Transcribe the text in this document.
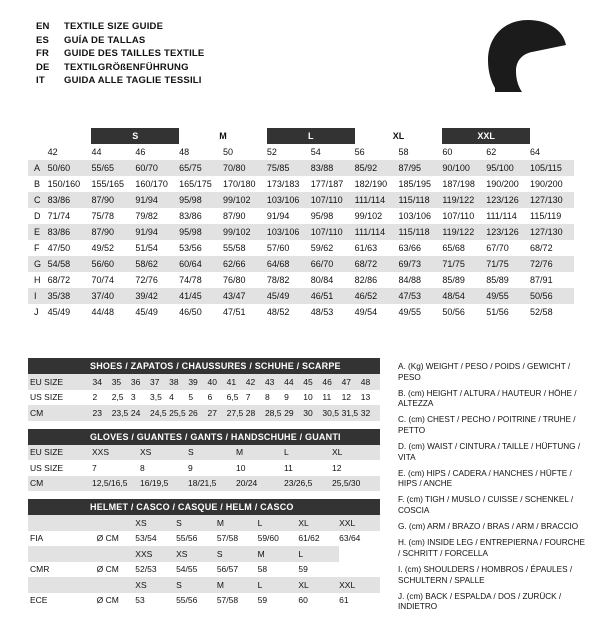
EN	TEXTILE SIZE GUIDE
ES	GUÍA DE TALLAS
FR	GUIDE DES TAILLES TEXTILE
DE	TEXTILGRÖßENFÜHRUNG
IT	GUIDA ALLE TAGLIE TESSILI
		S		M		L		XL		XXL		
	42	44	46	48	50	52	54	56	58	60	62	64
A	50/60	55/65	60/70	65/75	70/80	75/85	83/88	85/92	87/95	90/100	95/100	105/115
B	150/160	155/165	160/170	165/175	170/180	173/183	177/187	182/190	185/195	187/198	190/200	190/200
C	83/86	87/90	91/94	95/98	99/102	103/106	107/110	111/114	115/118	119/122	123/126	127/130
D	71/74	75/78	79/82	83/86	87/90	91/94	95/98	99/102	103/106	107/110	111/114	115/119
E	83/86	87/90	91/94	95/98	99/102	103/106	107/110	111/114	115/118	119/122	123/126	127/130
F	47/50	49/52	51/54	53/56	55/58	57/60	59/62	61/63	63/66	65/68	67/70	68/72
G	54/58	56/60	58/62	60/64	62/66	64/68	66/70	68/72	69/73	71/75	71/75	72/76
H	68/72	70/74	72/76	74/78	76/80	78/82	80/84	82/86	84/88	85/89	85/89	87/91
I	35/38	37/40	39/42	41/45	43/47	45/49	46/51	46/52	47/53	48/54	49/55	50/56
J	45/49	44/48	45/49	46/50	47/51	48/52	48/53	49/54	49/55	50/56	51/56	52/58
SHOES / ZAPATOS / CHAUSSURES / SCHUHE / SCARPE
EU SIZE	34	35	36	37	38	39	40	41	42	43	44	45	46	47	48
US SIZE	2	2,5	3	3,5	4	5	6	6,5	7	8	9	10	11	12	13
CM	23	23,5	24	24,5	25,5	26	27	27,5	28	28,5	29	30	30,5	31,5	32
GLOVES / GUANTES / GANTS / HANDSCHUHE / GUANTI
EU SIZE	XXS	XS	S	M	L	XL
US SIZE	7	8	9	10	11	12
CM	12,5/16,5	16/19,5	18/21,5	20/24	23/26,5	25,5/30
HELMET / CASCO / CASQUE / HELM / CASCO
		XS	S	M	L	XL	XXL
FIA	Ø CM	53/54	55/56	57/58	59/60	61/62	63/64
		XXS	XS	S	M	L	
CMR	Ø CM	52/53	54/55	56/57	58	59	
		XS	S	M	L	XL	XXL
ECE	Ø CM	53	55/56	57/58	59	60	61
A. (Kg) WEIGHT / PESO / POIDS / GEWICHT / PESO
B. (cm) HEIGHT / ALTURA / HAUTEUR / HÖHE / ALTEZZA
C. (cm) CHEST / PECHO / POITRINE / TRUHE / PETTO
D. (cm) WAIST / CINTURA / TAILLE / HÜFTUNG / VITA
E. (cm) HIPS / CADERA / HANCHES / HÜFTE / HIPS / ANCHE
F. (cm) TIGH / MUSLO / CUISSE / SCHENKEL / COSCIA
G. (cm) ARM / BRAZO / BRAS / ARM / BRACCIO
H. (cm) INSIDE LEG / ENTREPIERNA / FOURCHE / SCHRITT / FORCELLA
I. (cm) SHOULDERS / HOMBROS / ÉPAULES / SCHULTERN / SPALLE
J. (cm) BACK / ESPALDA / DOS / ZURÜCK / INDIETRO
